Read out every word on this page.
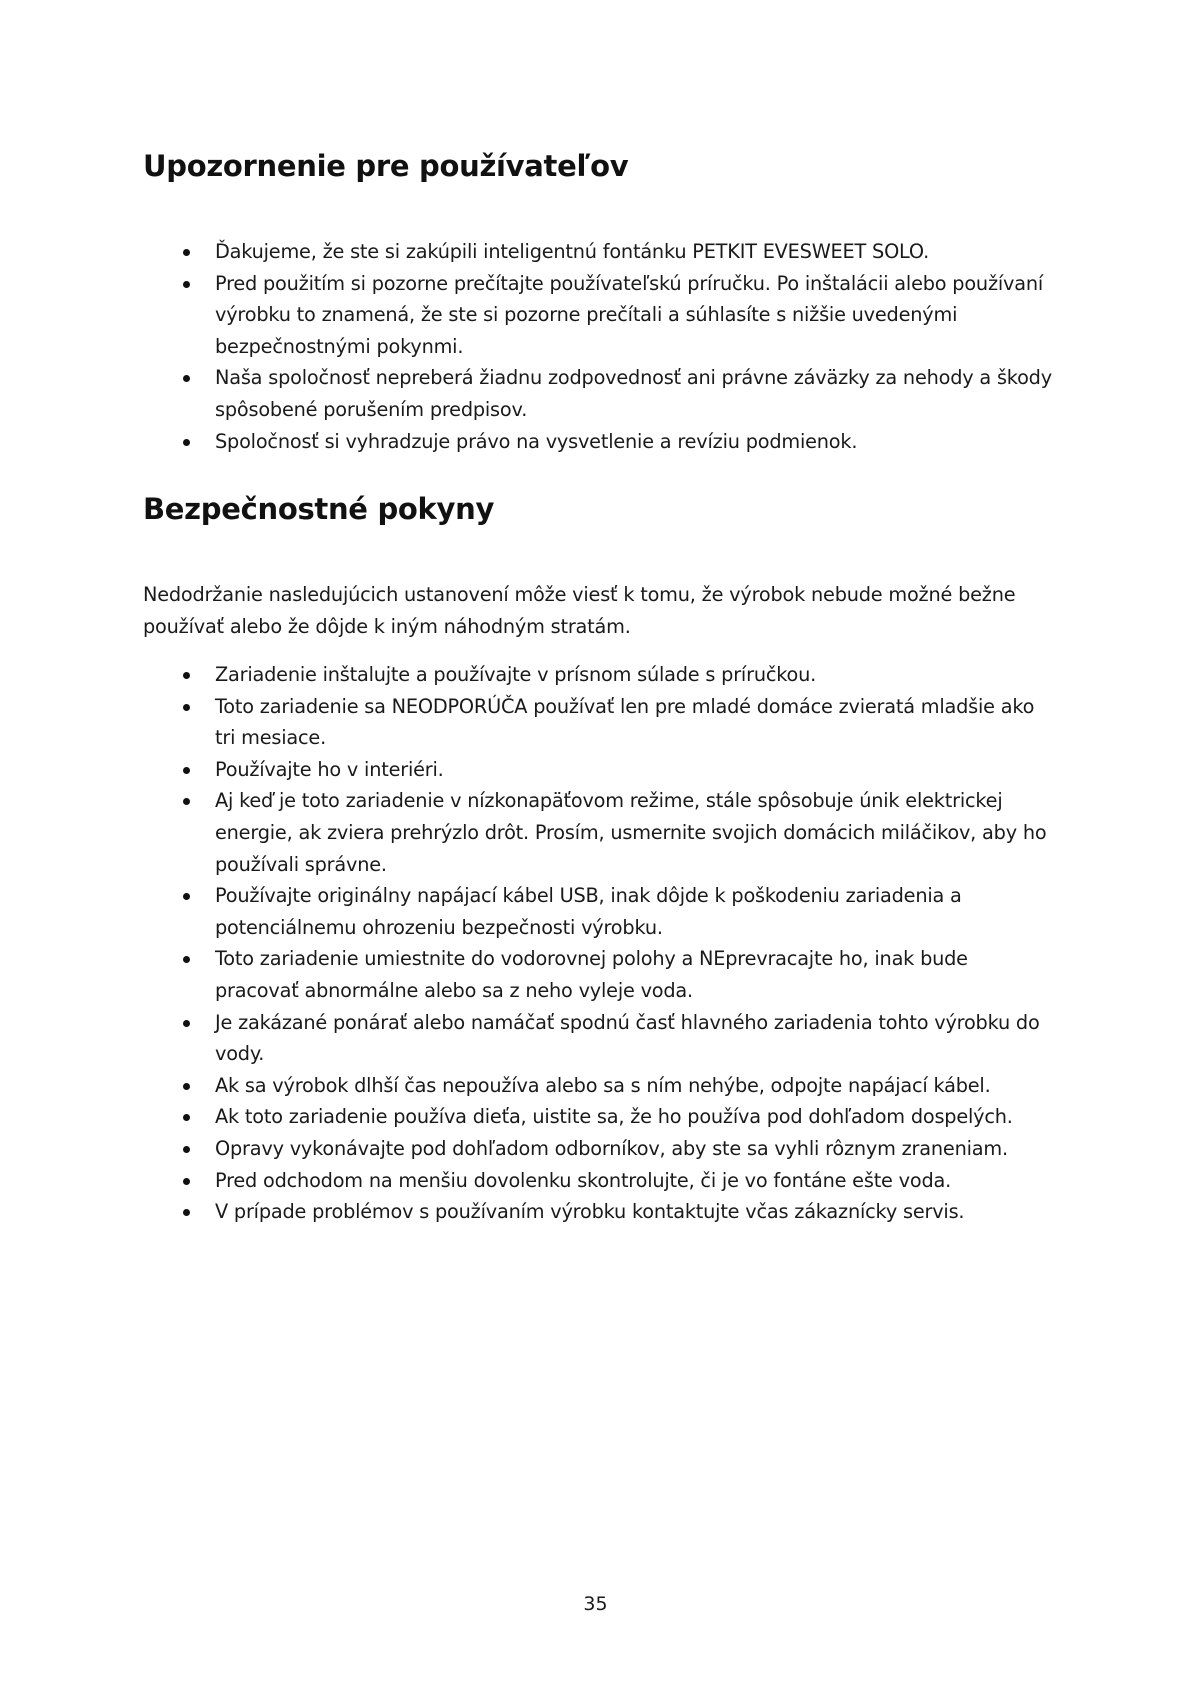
Upozornenie pre používateľov
Ďakujeme, že ste si zakúpili inteligentnú fontánku PETKIT EVESWEET SOLO.
Pred použitím si pozorne prečítajte používateľskú príručku. Po inštalácii alebo používaní výrobku to znamená, že ste si pozorne prečítali a súhlasíte s nižšie uvedenými bezpečnostnými pokynmi.
Naša spoločnosť nepreberá žiadnu zodpovednosť ani právne záväzky za nehody a škody spôsobené porušením predpisov.
Spoločnosť si vyhradzuje právo na vysvetlenie a revíziu podmienok.
Bezpečnostné pokyny

Nedodržanie nasledujúcich ustanovení môže viesť k tomu, že výrobok nebude možné bežne používať alebo že dôjde k iným náhodným stratám.

Zariadenie inštalujte a používajte v prísnom súlade s príručkou.
Toto zariadenie sa NEODPORÚČA používať len pre mladé domáce zvieratá mladšie ako tri mesiace.
Používajte ho v interiéri.
Aj keď je toto zariadenie v nízkonapäťovom režime, stále spôsobuje únik elektrickej energie, ak zviera prehrýzlo drôt. Prosím, usmernite svojich domácich miláčikov, aby ho používali správne.
Používajte originálny napájací kábel USB, inak dôjde k poškodeniu zariadenia a potenciálnemu ohrozeniu bezpečnosti výrobku.
Toto zariadenie umiestnite do vodorovnej polohy a NEprevracajte ho, inak bude pracovať abnormálne alebo sa z neho vyleje voda.
Je zakázané ponárať alebo namáčať spodnú časť hlavného zariadenia tohto výrobku do vody.
Ak sa výrobok dlhší čas nepoužíva alebo sa s ním nehýbe, odpojte napájací kábel.
Ak toto zariadenie používa dieťa, uistite sa, že ho používa pod dohľadom dospelých.
Opravy vykonávajte pod dohľadom odborníkov, aby ste sa vyhli rôznym zraneniam.
Pred odchodom na menšiu dovolenku skontrolujte, či je vo fontáne ešte voda.
V prípade problémov s používaním výrobku kontaktujte včas zákaznícky servis.
35
